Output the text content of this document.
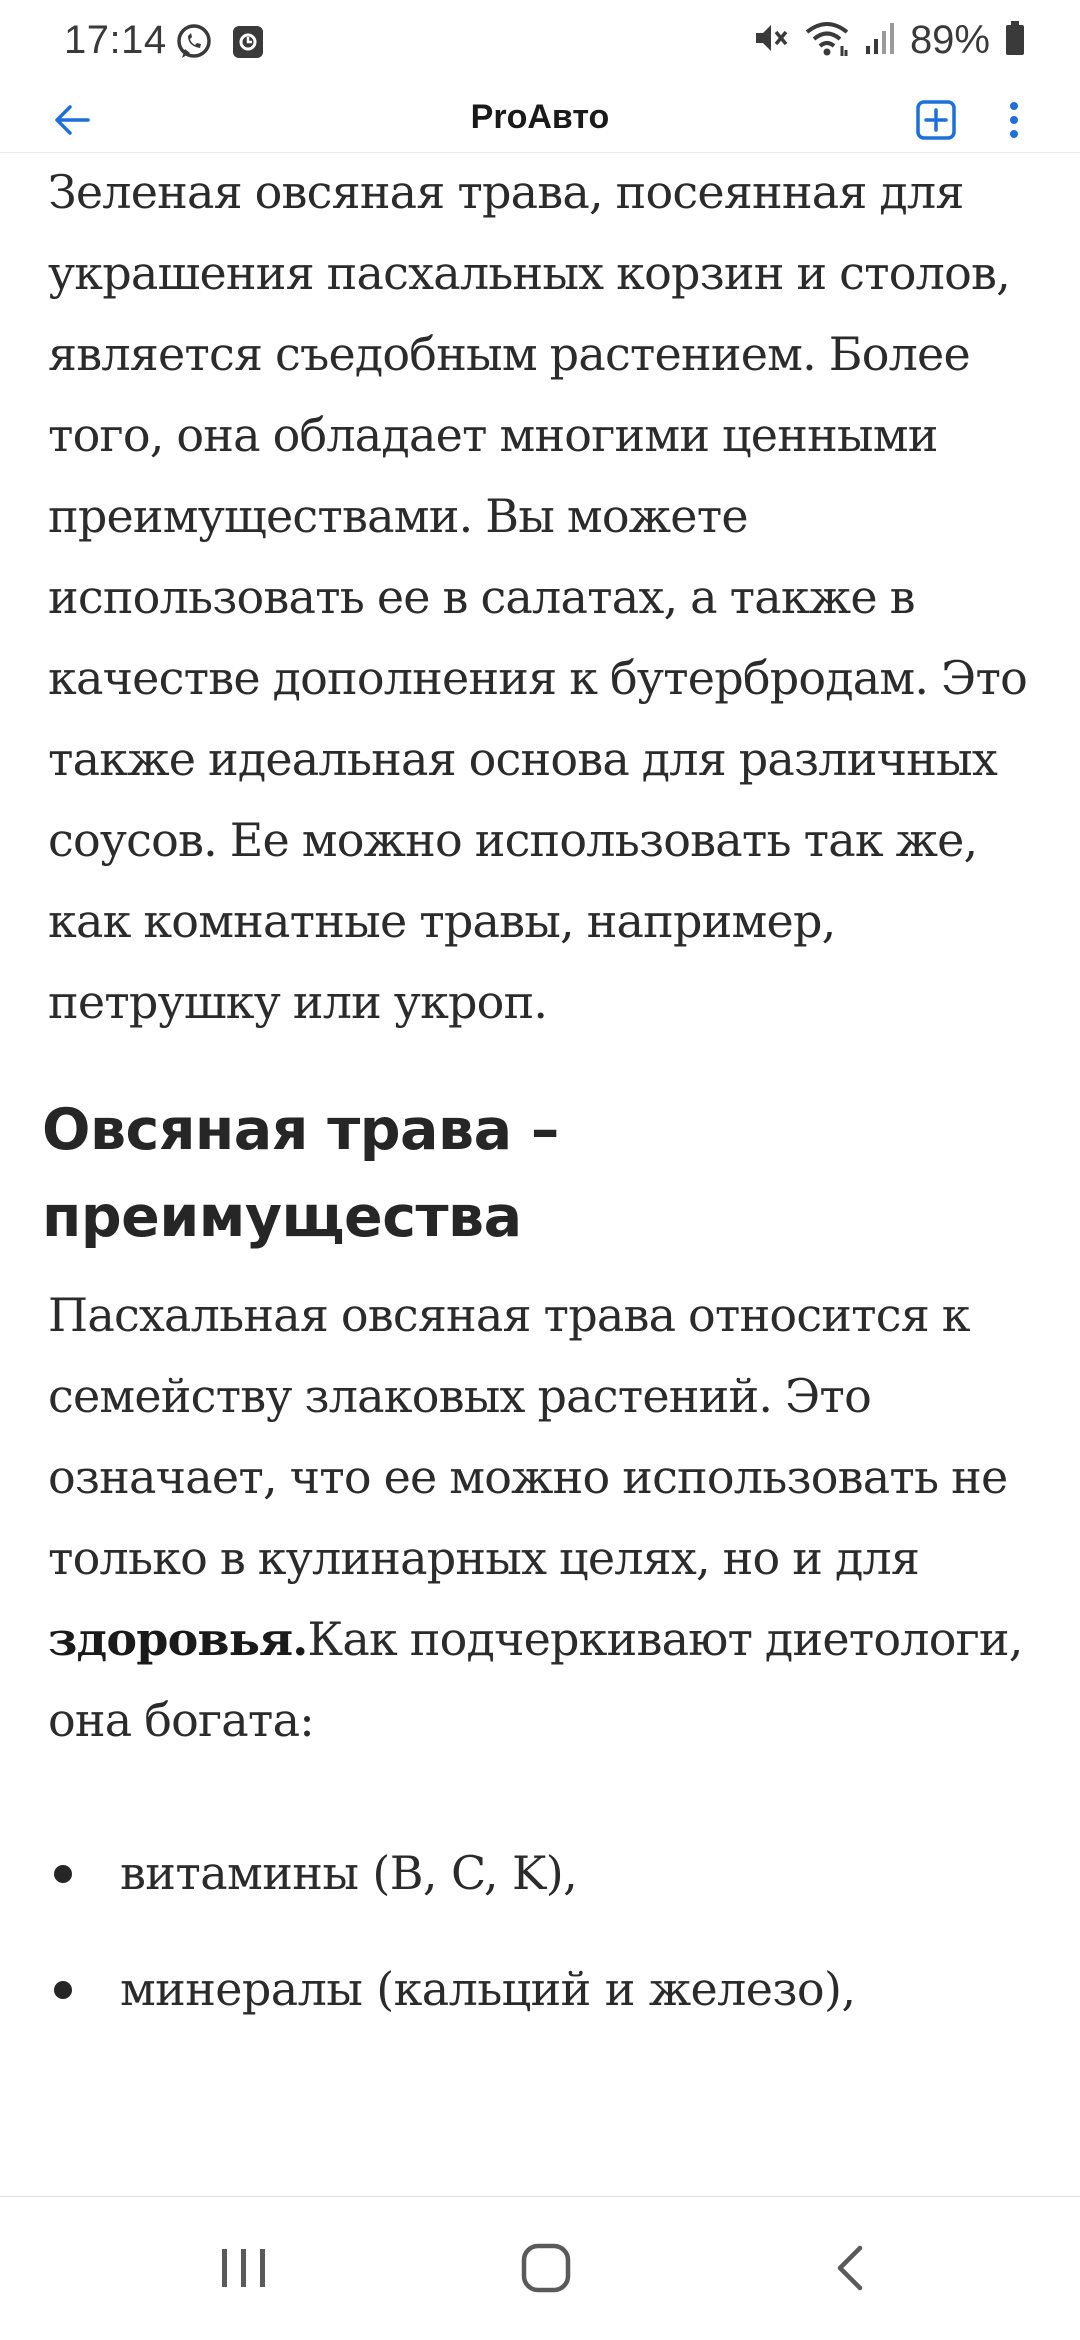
17:14	89%
ProАвто

Зеленая овсяная трава, посеянная для украшения пасхальных корзин и столов, является съедобным растением. Более того, она обладает многими ценными преимуществами. Вы можете использовать ее в салатах, а также в качестве дополнения к бутербродам. Это также идеальная основа для различных соусов. Ее можно использовать так же, как комнатные травы, например, петрушку или укроп.

Овсяная трава – преимущества

Пасхальная овсяная трава относится к семейству злаковых растений. Это означает, что ее можно использовать не только в кулинарных целях, но и для здоровья.Как подчеркивают диетологи, она богата:

витамины (B, C, K),
минералы (кальций и железо),
